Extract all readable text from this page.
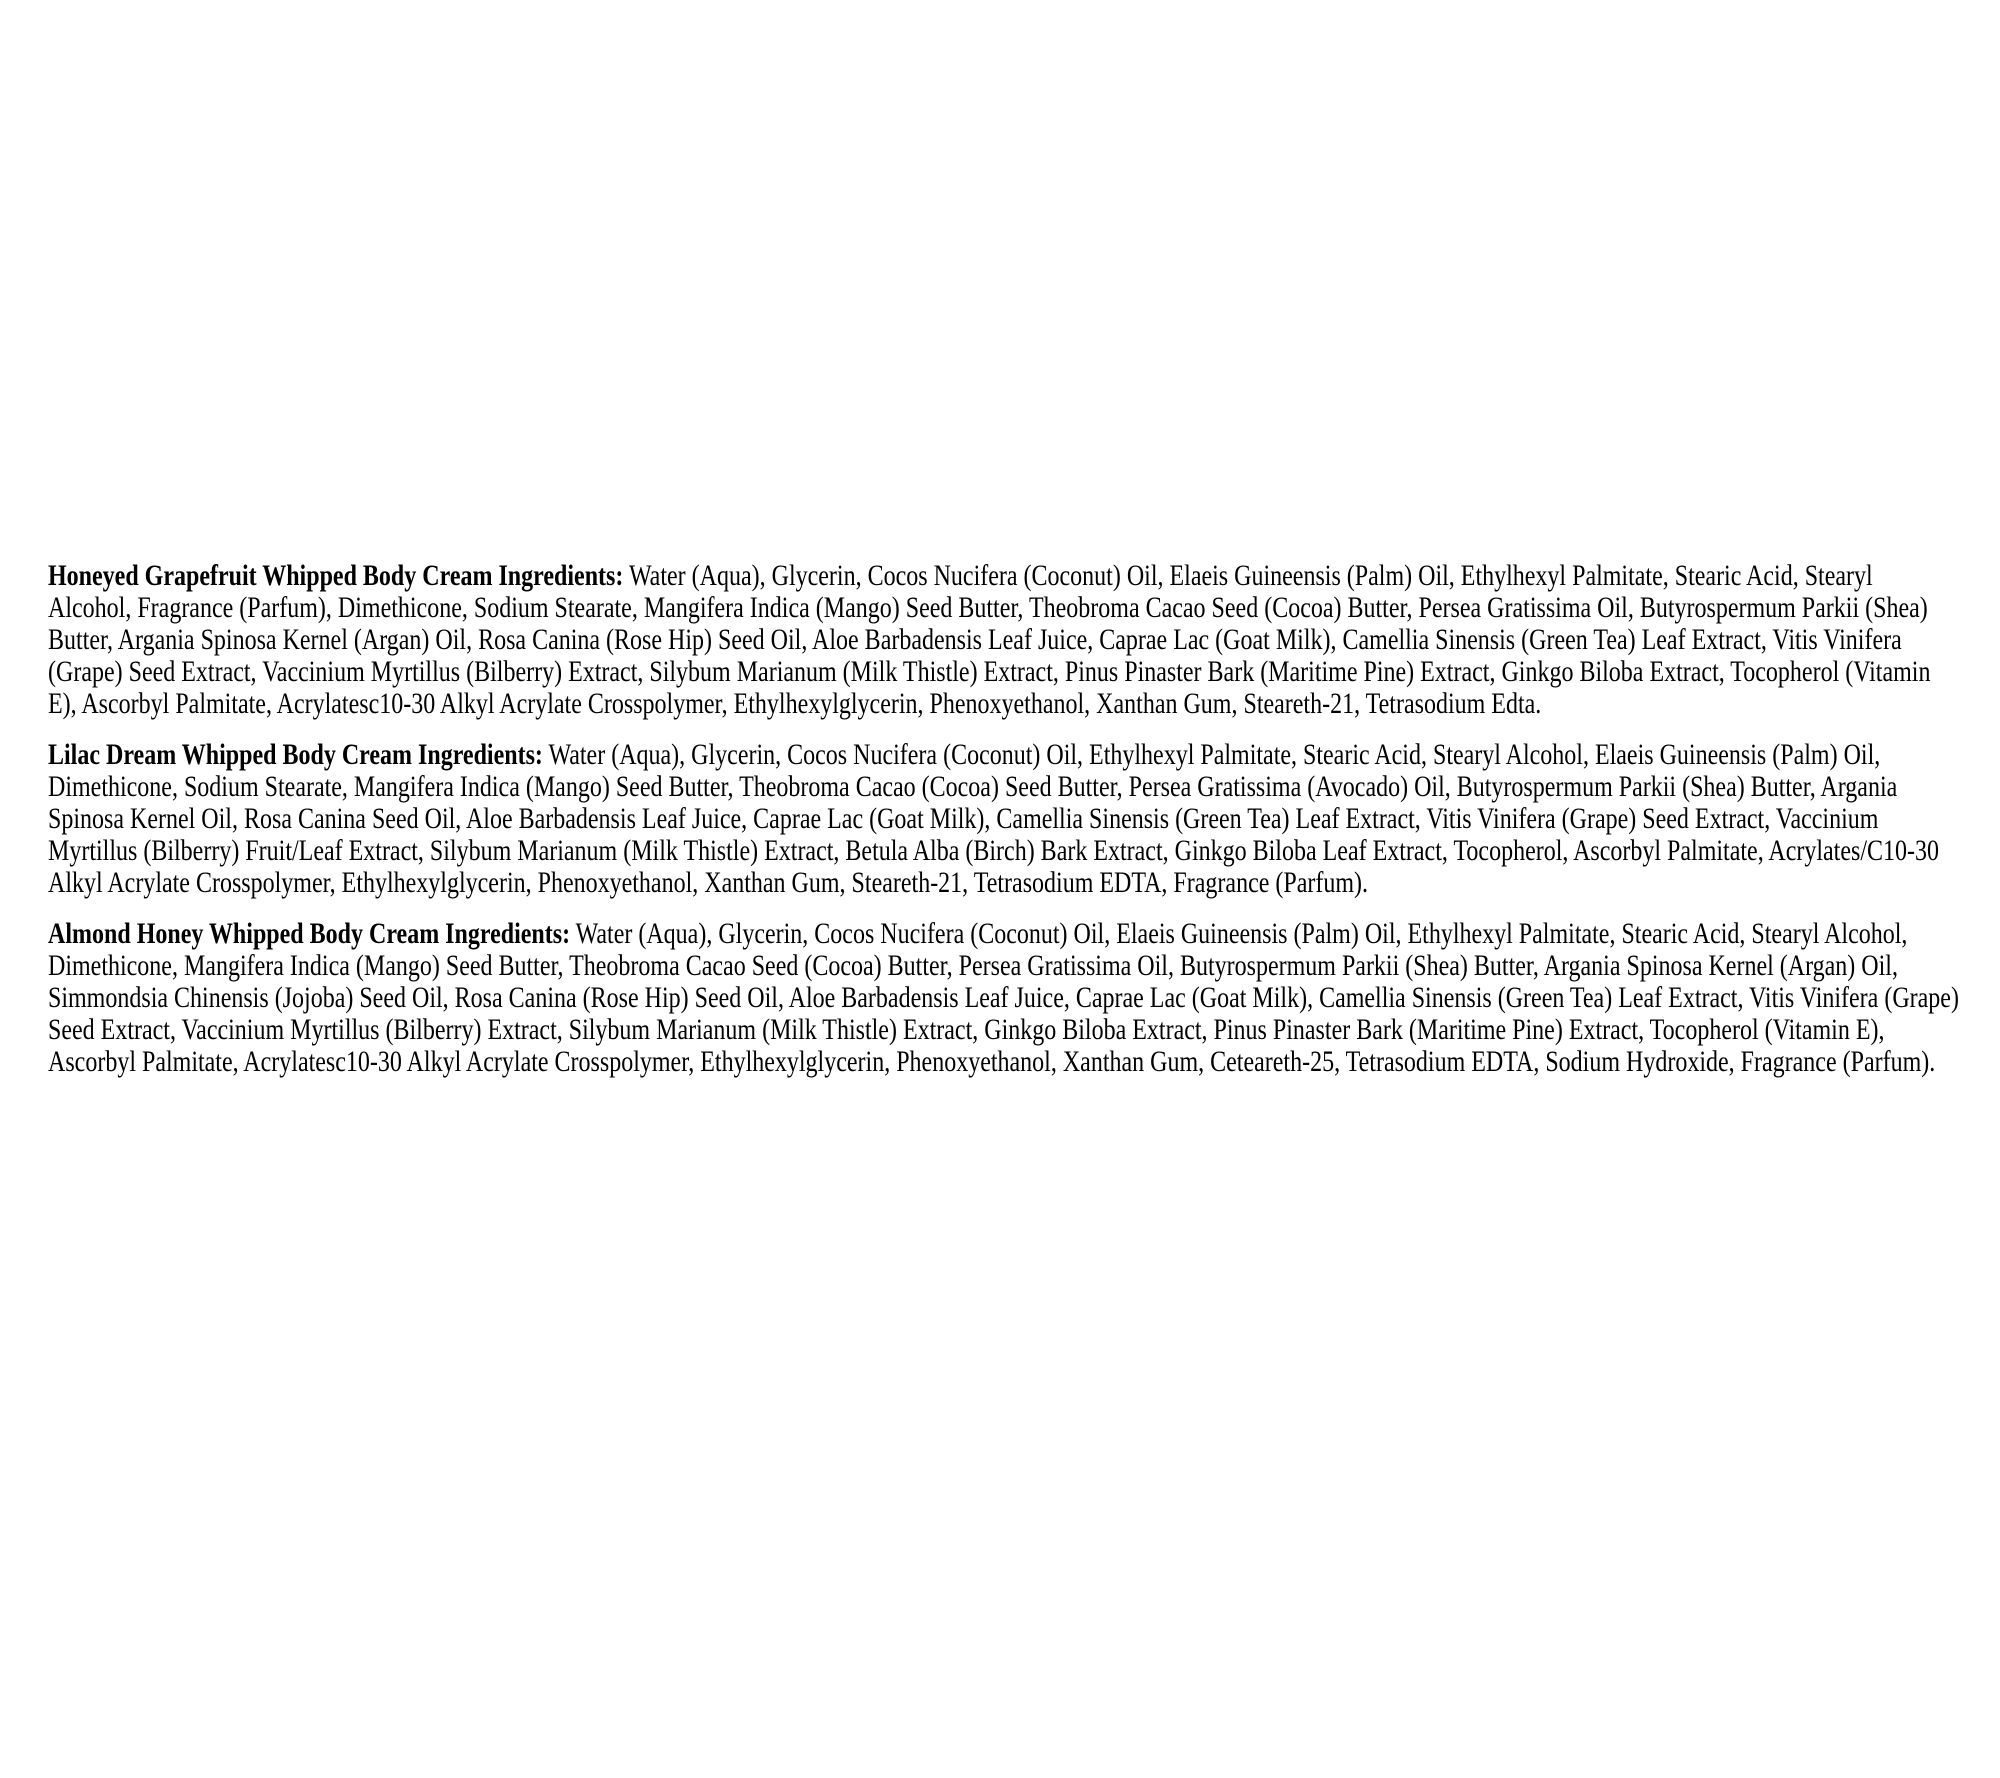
Honeyed Grapefruit Whipped Body Cream Ingredients: Water (Aqua), Glycerin, Cocos Nucifera (Coconut) Oil, Elaeis Guineensis (Palm) Oil, Ethylhexyl Palmitate, Stearic Acid, Stearyl Alcohol, Fragrance (Parfum), Dimethicone, Sodium Stearate, Mangifera Indica (Mango) Seed Butter, Theobroma Cacao Seed (Cocoa) Butter, Persea Gratissima Oil, Butyrospermum Parkii (Shea) Butter, Argania Spinosa Kernel (Argan) Oil, Rosa Canina (Rose Hip) Seed Oil, Aloe Barbadensis Leaf Juice, Caprae Lac (Goat Milk), Camellia Sinensis (Green Tea) Leaf Extract, Vitis Vinifera (Grape) Seed Extract, Vaccinium Myrtillus (Bilberry) Extract, Silybum Marianum (Milk Thistle) Extract, Pinus Pinaster Bark (Maritime Pine) Extract, Ginkgo Biloba Extract, Tocopherol (Vitamin E), Ascorbyl Palmitate, Acrylatesc10-30 Alkyl Acrylate Crosspolymer, Ethylhexylglycerin, Phenoxyethanol, Xanthan Gum, Steareth-21, Tetrasodium Edta.

Lilac Dream Whipped Body Cream Ingredients: Water (Aqua), Glycerin, Cocos Nucifera (Coconut) Oil, Ethylhexyl Palmitate, Stearic Acid, Stearyl Alcohol, Elaeis Guineensis (Palm) Oil, Dimethicone, Sodium Stearate, Mangifera Indica (Mango) Seed Butter, Theobroma Cacao (Cocoa) Seed Butter, Persea Gratissima (Avocado) Oil, Butyrospermum Parkii (Shea) Butter, Argania Spinosa Kernel Oil, Rosa Canina Seed Oil, Aloe Barbadensis Leaf Juice, Caprae Lac (Goat Milk), Camellia Sinensis (Green Tea) Leaf Extract, Vitis Vinifera (Grape) Seed Extract, Vaccinium Myrtillus (Bilberry) Fruit/Leaf Extract, Silybum Marianum (Milk Thistle) Extract, Betula Alba (Birch) Bark Extract, Ginkgo Biloba Leaf Extract, Tocopherol, Ascorbyl Palmitate, Acrylates/C10-30 Alkyl Acrylate Crosspolymer, Ethylhexylglycerin, Phenoxyethanol, Xanthan Gum, Steareth-21, Tetrasodium EDTA, Fragrance (Parfum).

Almond Honey Whipped Body Cream Ingredients: Water (Aqua), Glycerin, Cocos Nucifera (Coconut) Oil, Elaeis Guineensis (Palm) Oil, Ethylhexyl Palmitate, Stearic Acid, Stearyl Alcohol, Dimethicone, Mangifera Indica (Mango) Seed Butter, Theobroma Cacao Seed (Cocoa) Butter, Persea Gratissima Oil, Butyrospermum Parkii (Shea) Butter, Argania Spinosa Kernel (Argan) Oil, Simmondsia Chinensis (Jojoba) Seed Oil, Rosa Canina (Rose Hip) Seed Oil, Aloe Barbadensis Leaf Juice, Caprae Lac (Goat Milk), Camellia Sinensis (Green Tea) Leaf Extract, Vitis Vinifera (Grape) Seed Extract, Vaccinium Myrtillus (Bilberry) Extract, Silybum Marianum (Milk Thistle) Extract, Ginkgo Biloba Extract, Pinus Pinaster Bark (Maritime Pine) Extract, Tocopherol (Vitamin E), Ascorbyl Palmitate, Acrylatesc10-30 Alkyl Acrylate Crosspolymer, Ethylhexylglycerin, Phenoxyethanol, Xanthan Gum, Ceteareth-25, Tetrasodium EDTA, Sodium Hydroxide, Fragrance (Parfum).
